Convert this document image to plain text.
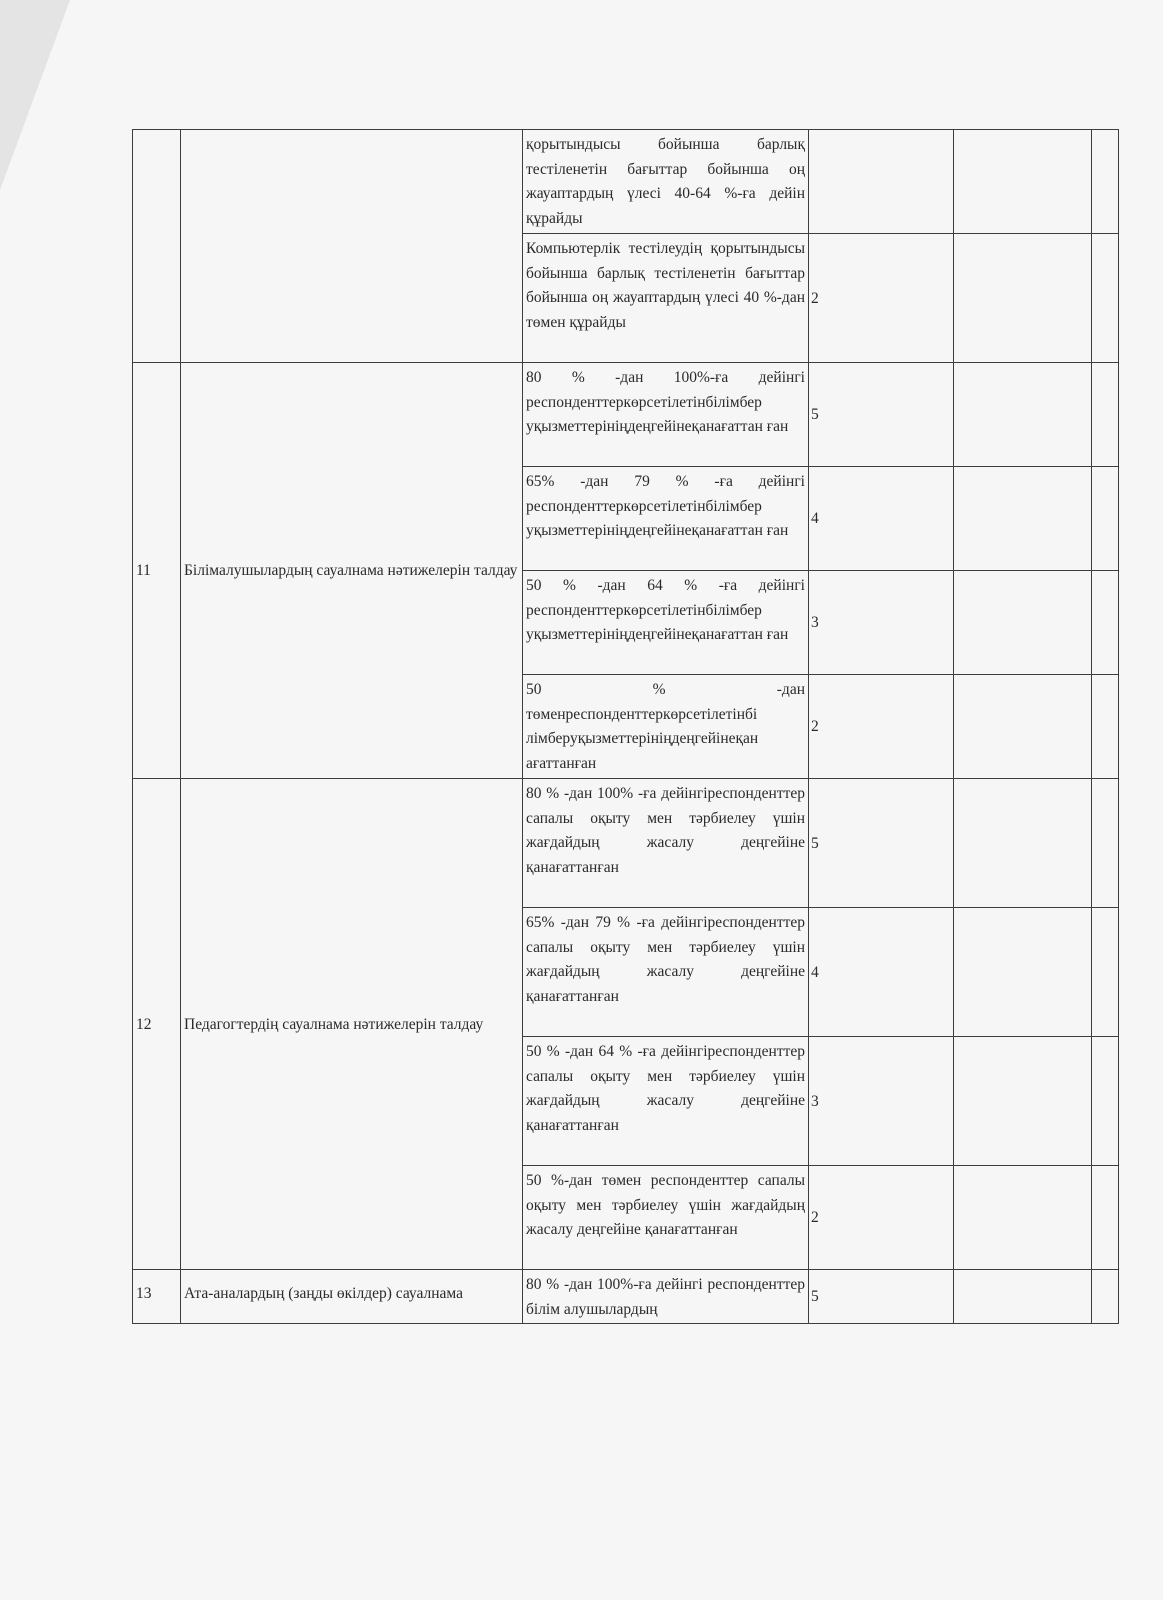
		қорытындысы бойынша барлық тестіленетін бағыттар бойынша оң жауаптардың үлесі 40-64 %-ға дейін құрайды			
		Компьютерлік тестілеудің қорытындысы бойынша барлық тестіленетін бағыттар бойынша оң жауаптардың үлесі 40 %-дан төмен құрайды	2		
11	Білімалушылардың сауалнама нәтижелерін талдау	80 % -дан 100%-ға дейінгі респонденттеркөрсетілетінбілімбер уқызметтерініңдеңгейінеқанағаттан ған	5		
		65% -дан 79 % -ға дейінгі респонденттеркөрсетілетінбілімбер уқызметтерініңдеңгейінеқанағаттан ған	4		
		50 % -дан 64 % -ға дейінгі респонденттеркөрсетілетінбілімбер уқызметтерініңдеңгейінеқанағаттан ған	3		
		50 % -дан төменреспонденттеркөрсетілетінбі лімберуқызметтерініңдеңгейінеқан ағаттанған	2		
12	Педагогтердің сауалнама нәтижелерін талдау	80 % -дан 100% -ға дейінгіреспонденттер сапалы оқыту мен тәрбиелеу үшін жағдайдың жасалу деңгейіне қанағаттанған	5		
		65% -дан 79 % -ға дейінгіреспонденттер сапалы оқыту мен тәрбиелеу үшін жағдайдың жасалу деңгейіне қанағаттанған	4		
		50 % -дан 64 % -ға дейінгіреспонденттер сапалы оқыту мен тәрбиелеу үшін жағдайдың жасалу деңгейіне қанағаттанған	3		
		50 %-дан төмен респонденттер сапалы оқыту мен тәрбиелеу үшін жағдайдың жасалу деңгейіне қанағаттанған	2		
13	Ата-аналардың (заңды өкілдер) сауалнама	80 % -дан 100%-ға дейінгі респонденттер білім алушылардың	5		
